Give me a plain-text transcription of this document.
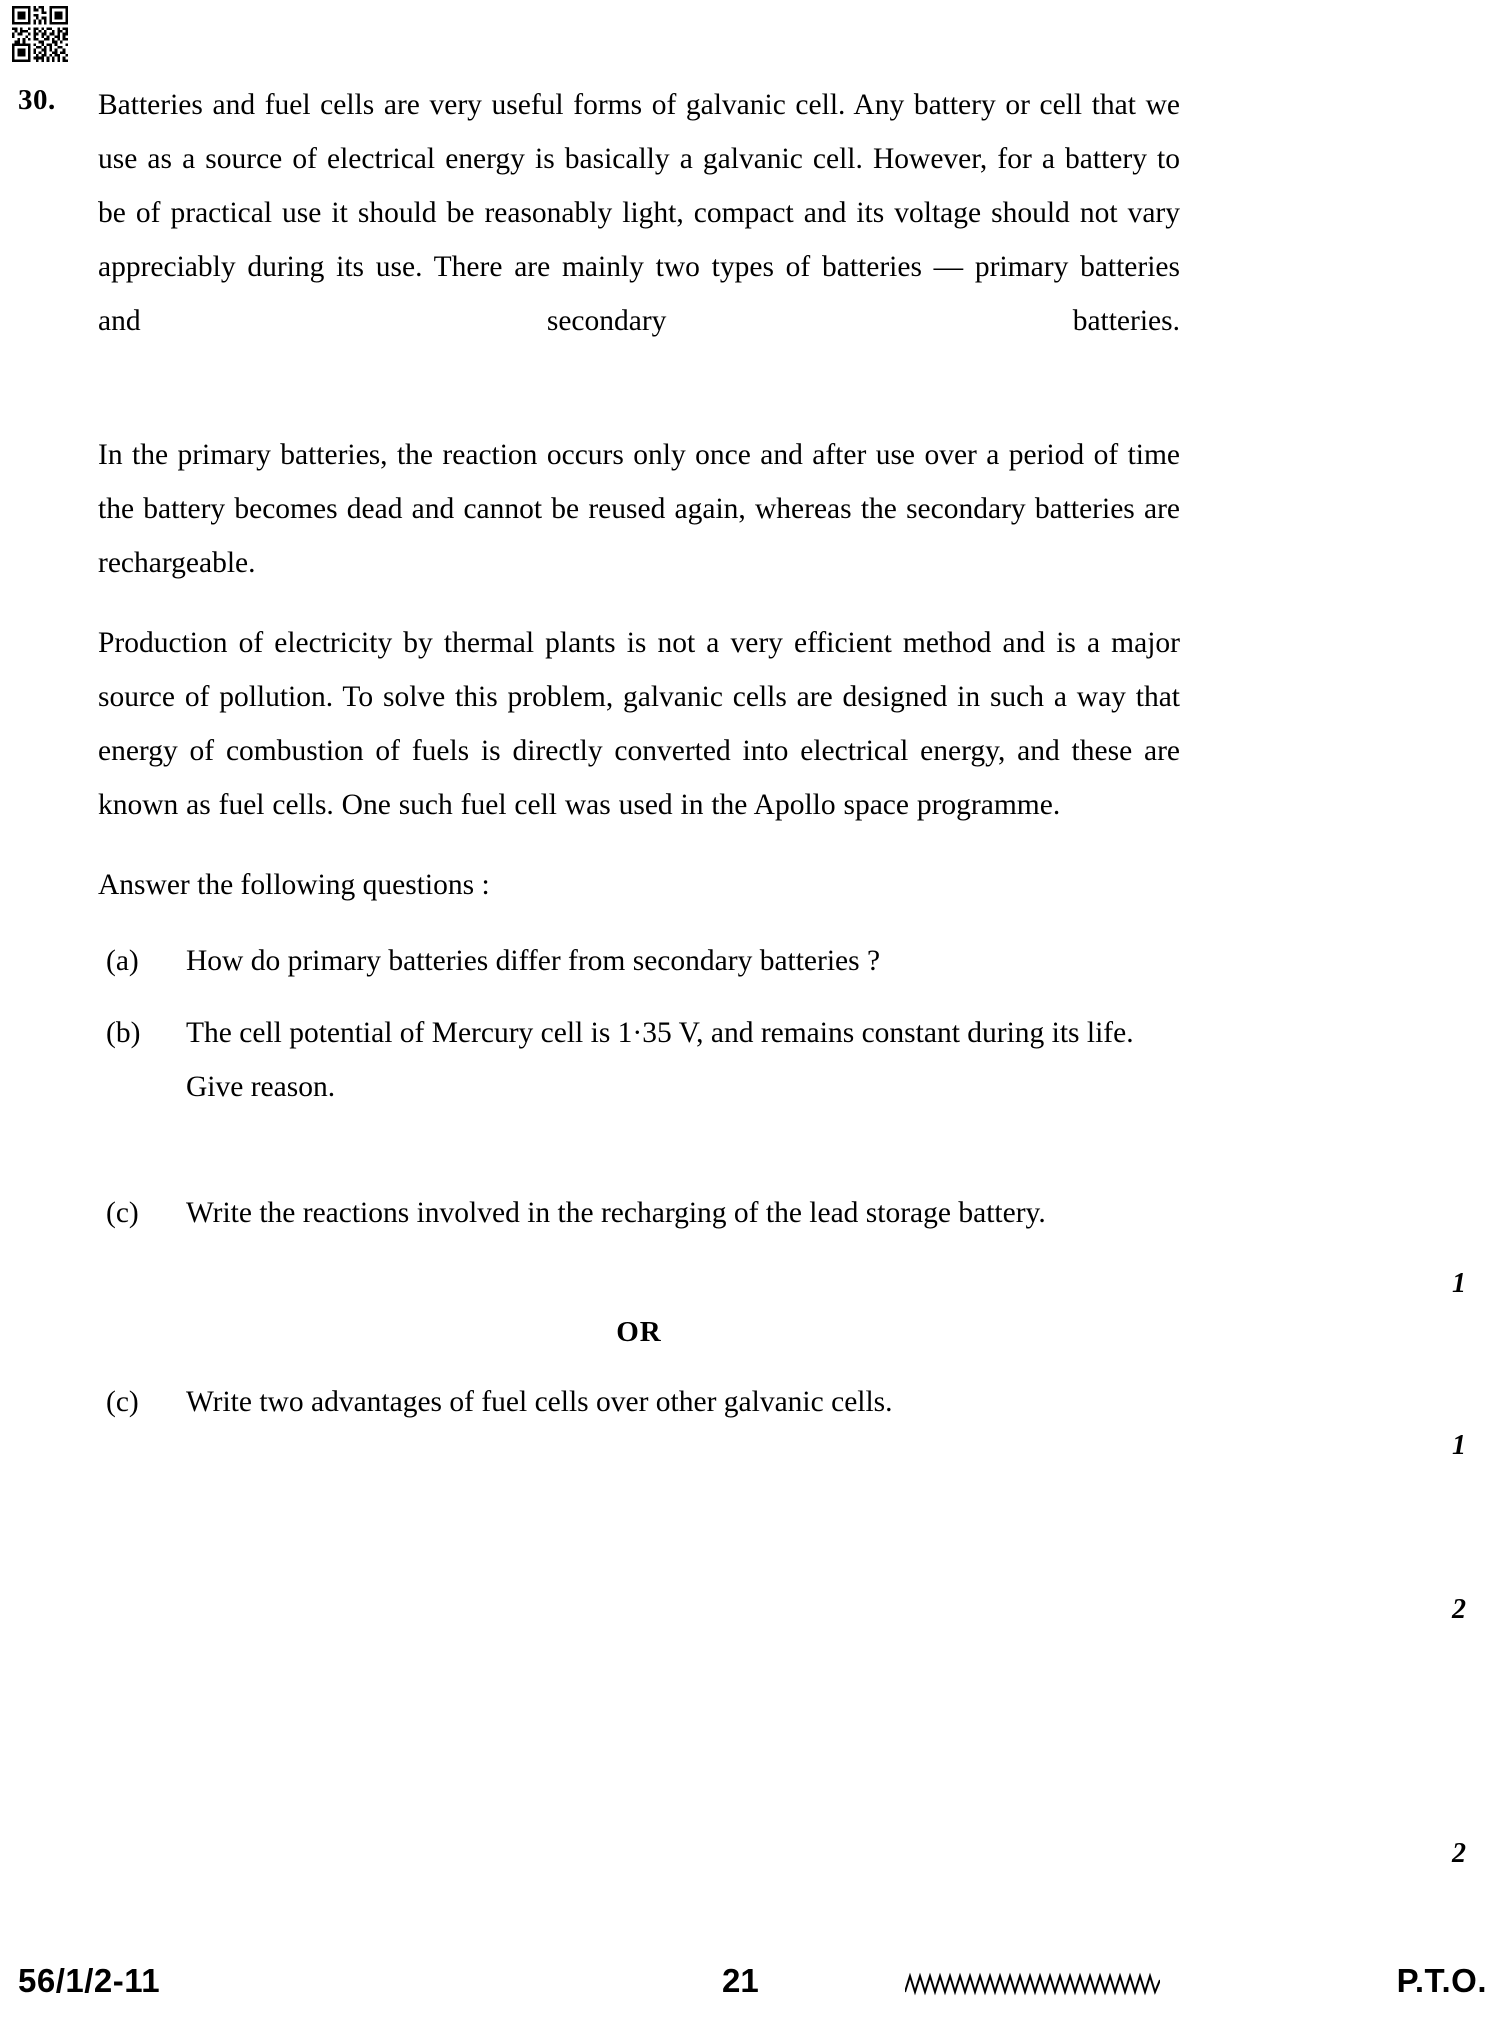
30. Batteries and fuel cells are very useful forms of galvanic cell. Any battery or cell that we use as a source of electrical energy is basically a galvanic cell. However, for a battery to be of practical use it should be reasonably light, compact and its voltage should not vary appreciably during its use. There are mainly two types of batteries — primary batteries and secondary batteries.

In the primary batteries, the reaction occurs only once and after use over a period of time the battery becomes dead and cannot be reused again, whereas the secondary batteries are rechargeable.

Production of electricity by thermal plants is not a very efficient method and is a major source of pollution. To solve this problem, galvanic cells are designed in such a way that energy of combustion of fuels is directly converted into electrical energy, and these are known as fuel cells. One such fuel cell was used in the Apollo space programme.

Answer the following questions :

(a)	How do primary batteries differ from secondary batteries ?
(b)	The cell potential of Mercury cell is 1·35 V, and remains constant during its life. Give reason.
(c)	Write the reactions involved in the recharging of the lead storage battery.
OR
(c)	Write two advantages of fuel cells over other galvanic cells.
1
1
2
2
56/1/2-11	21	P.T.O.
